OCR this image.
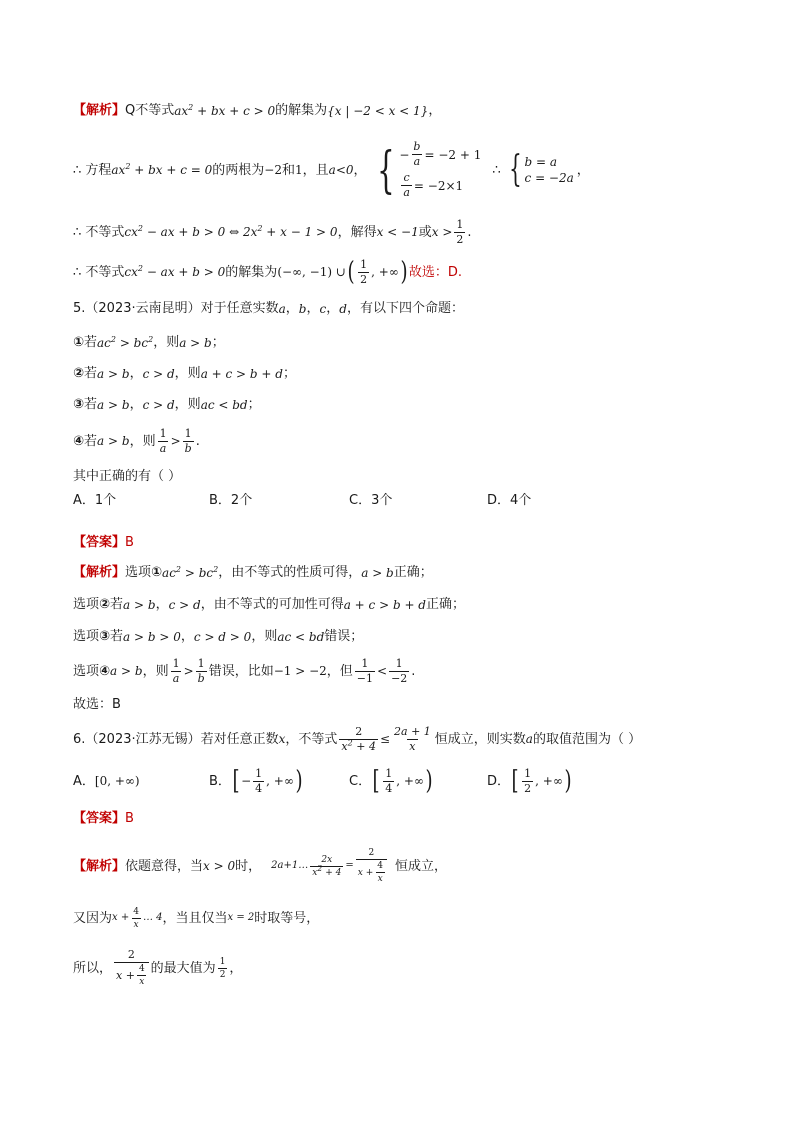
【解析】 Q不等式 $ax^2$ + bx + c > 0 的解集为 {x | −2 < x < 1} ，
∴ 方程 $ax^2$ + bx + c = 0 的两根为 −2 和 1 ，且 a<0 ， { − $\frac{b}{a} = -2 + 1$
$\frac{c}{a} = -2\times 1$
∴ { b = a
c = −2a
，
∴ 不等式 $cx^2$ − ax + b > 0 ⇔ $2x^2 + x - 1 > 0$ ，解得 x < −1 或 $x > \frac{1}{2}$ .
∴ 不等式 $cx^2$ − ax + b > 0 的解集为 (−∞, −1) ∪ ( $\frac{1}{2}$ , +∞ ) 故选：D.
5.（2023·云南昆明）对于任意实数 a ， b ， c ， d ，有以下四个命题：
① 若 $ac^2 > bc^2$ ，则 a > b ；
② 若 a > b ， c > d ，则 a + c > b + d ；
③ 若 a > b ， c > d ，则 ac < bd ；
④ 若 a > b ，则 $\frac{1}{a} > \frac{1}{b}$ .
其中正确的有（ ）
A．1个	B．2个	C．3个	D．4个
【答案】 B
【解析】 选项 ① $ac^2 > bc^2$ ，由不等式的性质可得， a > b 正确；
选项 ② 若 a > b ， c > d ，由不等式的可加性可得 a + c > b + d 正确；
选项 ③ 若 a > b > 0 ， c > d > 0 ，则 ac < bd 错误；
选项 ④ a > b ，则 $\frac{1}{a} > \frac{1}{b}$ 错误，比如 −1 > −2 ，但 $\frac{1}{-1} < \frac{1}{-2}$ .
故选：B
6.（2023·江苏无锡）若对任意正数 x ，不等式 $\frac{2}{x^2 + 4} \le \frac{2a + 1}{x}$ 恒成立，则实数 a 的取值范围为（ ）
A． [0, +∞)	B． [ − $\frac{1}{4}$ , +∞ )	C． [ $\frac{1}{4}$ , +∞ )	D． [ $\frac{1}{2}$ , +∞ )
【答案】 B
【解析】 依题意得，当 x > 0 时， 2a+1… $\frac{2x}{x^2 + 4} = \frac{2}{x + \frac{4}{x}}$ 恒成立，
又因为 $x + \frac{4}{x}$ … 4 ，当且仅当 x = 2 时取等号，
所以， $\frac{2}{x + \frac{4}{x}}$ 的最大值为 $\frac{1}{2}$ ，
